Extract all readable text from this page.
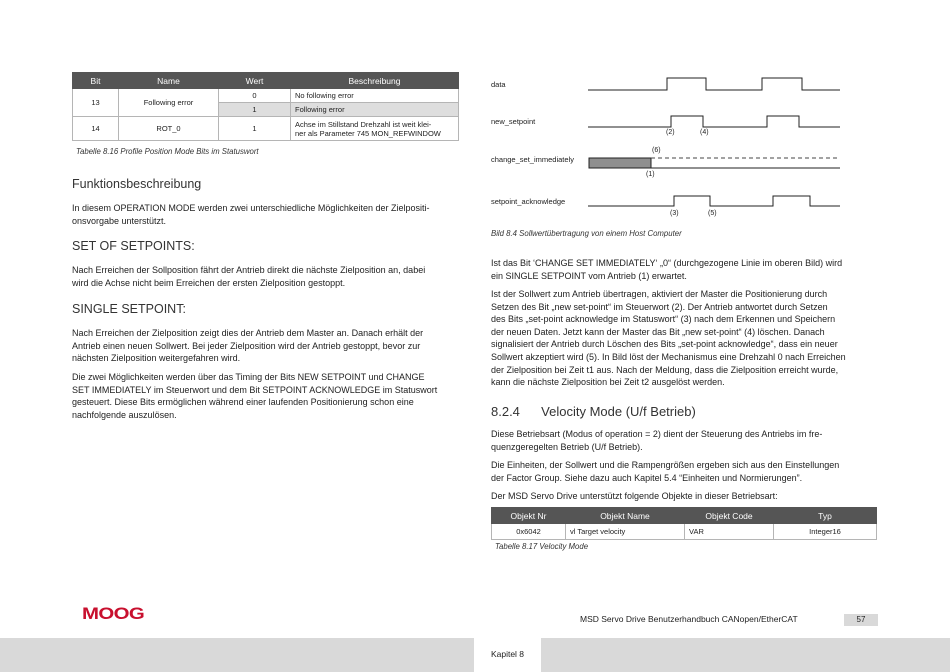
Bit	Name	Wert	Beschreibung
13	Following error	0	No following error
		1	Following error
14	ROT_0	1	Achse im Stillstand Drehzahl ist weit klei-
ner als Parameter 745 MON_REFWINDOW
Tabelle 8.16 Profile Position Mode Bits im Statuswort
Funktionsbeschreibung
In diesem OPERATION MODE werden zwei unterschiedliche Möglichkeiten der Zielpositi-
onsvorgabe unterstützt.
SET OF SETPOINTS:
Nach Erreichen der Sollposition fährt der Antrieb direkt die nächste Zielposition an, dabei
wird die Achse nicht beim Erreichen der ersten Zielposition gestoppt.
SINGLE SETPOINT:
Nach Erreichen der Zielposition zeigt dies der Antrieb dem Master an. Danach erhält der
Antrieb einen neuen Sollwert. Bei jeder Zielposition wird der Antrieb gestoppt, bevor zur
nächsten Zielposition weitergefahren wird.
Die zwei Möglichkeiten werden über das Timing der Bits NEW SETPOINT und CHANGE
SET IMMEDIATELY im Steuerwort und dem Bit SETPOINT ACKNOWLEDGE im Statuswort
gesteuert. Diese Bits ermöglichen während einer laufenden Positionierung schon eine
nachfolgende auszulösen.
data
new_setpoint
change_set_immediately
setpoint_acknowledge
(2)	(4)
(6)
(1)
(3)	(5)
Bild 8.4 Sollwertübertragung von einem Host Computer
Ist das Bit ‘CHANGE SET IMMEDIATELY‘ „0“ (durchgezogene Linie im oberen Bild) wird
ein SINGLE SETPOINT vom Antrieb (1) erwartet.
Ist der Sollwert zum Antrieb übertragen, aktiviert der Master die Positionierung durch
Setzen des Bit „new set-point“ im Steuerwort (2). Der Antrieb antwortet durch Setzen
des Bits „set-point acknowledge im Statuswort“ (3) nach dem Erkennen und Speichern
der neuen Daten. Jetzt kann der Master das Bit „new set-point“ (4) löschen. Danach
signalisiert der Antrieb durch Löschen des Bits „set-point acknowledge“, dass ein neuer
Sollwert akzeptiert wird (5). In Bild löst der Mechanismus eine Drehzahl 0 nach Erreichen
der Zielposition bei Zeit t1 aus. Nach der Meldung, dass die Zielposition erreicht wurde,
kann die nächste Zielposition bei Zeit t2 ausgelöst werden.
8.2.4 Velocity Mode (U/f Betrieb)
Diese Betriebsart (Modus of operation = 2) dient der Steuerung des Antriebs im fre-
quenzgeregelten Betrieb (U/f Betrieb).
Die Einheiten, der Sollwert und die Rampengrößen ergeben sich aus den Einstellungen
der Factor Group. Siehe dazu auch Kapitel 5.4 “Einheiten und Normierungen”.
Der MSD Servo Drive unterstützt folgende Objekte in dieser Betriebsart:
Objekt Nr	Objekt Name	Objekt Code	Typ
0x6042	vl Target velocity	VAR	Integer16
Tabelle 8.17 Velocity Mode
MOOG	MSD Servo Drive Benutzerhandbuch CANopen/EtherCAT	57
Kapitel 8
